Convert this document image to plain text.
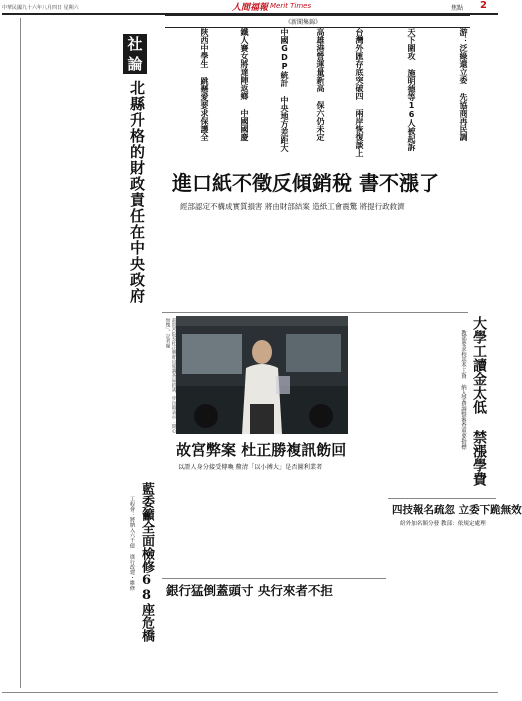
中華民國九十六年八月四日 星期六	人間福報 Merit Times	焦點 2
社
論
北縣升格的財政責任在中央政府
《新聞集錦》
游：泛綠還立委 先協商再民調
天下圍攻 施明德等16人被起訴
台灣外匯存底突破四 兩岸恢復談上
高雄港營運量新高 保六仍未定
中國GDP統計 中央地方差距大
鐵人賽女將達陣返鄉 中國國慶
陝西中學生 跳懸愛要求保護全
進口紙不徵反傾銷稅 書不漲了
經部認定不構成實質損害 將由財部結案 造紙工會震驚 將提行政救濟
前故宮院長杜正勝昨出席調查局約談，步出時表示「問心無愧」。記者攝
故宮弊案 杜正勝複訊飭回
以證人身分接受傳喚 釐清「以小搏大」是否圖利業者	大學工讀金太低 禁漲學費
教部要求校基本工資 納入學費調整審查重要指標
四技報名疏忽 立委下跪無效
紛外加名額分發 教部：依規定處理
藍委籲全面檢修68座危橋
工程會：將納入六千億 進行改建・維修
銀行猛倒蓋頭寸 央行來者不拒
